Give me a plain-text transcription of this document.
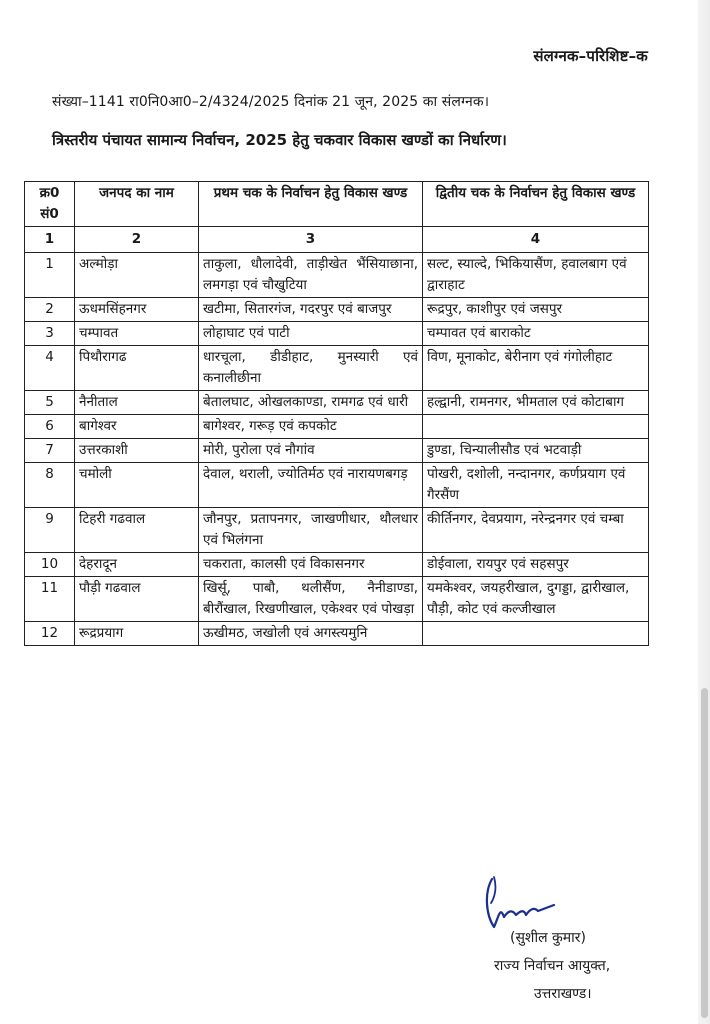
संलग्नक–परिशिष्ट–क
संख्या–1141 रा0नि0आ0–2/4324/2025 दिनांक 21 जून, 2025 का संलग्नक।
त्रिस्तरीय पंचायत सामान्य निर्वाचन, 2025 हेतु चकवार विकास खण्डों का निर्धारण।
क्र0 सं0	जनपद का नाम	प्रथम चक के निर्वाचन हेतु विकास खण्ड	द्वितीय चक के निर्वाचन हेतु विकास खण्ड
1	2	3	4
1	अल्मोड़ा	ताकुला, धौलादेवी, ताड़ीखेत भैंसियाछाना, लमगड़ा एवं चौखुटिया	सल्ट, स्याल्दे, भिकियासैंण, हवालबाग एवं द्वाराहाट
2	ऊधमसिंहनगर	खटीमा, सितारगंज, गदरपुर एवं बाजपुर	रूद्रपुर, काशीपुर एवं जसपुर
3	चम्पावत	लोहाघाट एवं पाटी	चम्पावत एवं बाराकोट
4	पिथौरागढ	धारचूला, डीडीहाट, मुनस्यारी एवं कनालीछीना	विण, मूनाकोट, बेरीनाग एवं गंगोलीहाट
5	नैनीताल	बेतालघाट, ओखलकाण्डा, रामगढ एवं धारी	हल्द्वानी, रामनगर, भीमताल एवं कोटाबाग
6	बागेश्वर	बागेश्वर, गरूड़ एवं कपकोट	
7	उत्तरकाशी	मोरी, पुरोला एवं नौगांव	डुण्डा, चिन्यालीसौड एवं भटवाड़ी
8	चमोली	देवाल, थराली, ज्योतिर्मठ एवं नारायणबगड़	पोखरी, दशोली, नन्दानगर, कर्णप्रयाग एवं गैरसैंण
9	टिहरी गढवाल	जौनपुर, प्रतापनगर, जाखणीधार, थौलधार एवं भिलंगना	कीर्तिनगर, देवप्रयाग, नरेन्द्रनगर एवं चम्बा
10	देहरादून	चकराता, कालसी एवं विकासनगर	डोईवाला, रायपुर एवं सहसपुर
11	पौड़ी गढवाल	खिर्सू, पाबौ, थलीसैंण, नैनीडाण्डा, बीरौंखाल, रिखणीखाल, एकेश्वर एवं पोखड़ा	यमकेश्वर, जयहरीखाल, दुगड्डा, द्वारीखाल, पौड़ी, कोट एवं कल्जीखाल
12	रूद्रप्रयाग	ऊखीमठ, जखोली एवं अगस्त्यमुनि	
(सुशील कुमार)
राज्य निर्वाचन आयुक्त,
उत्तराखण्ड।
